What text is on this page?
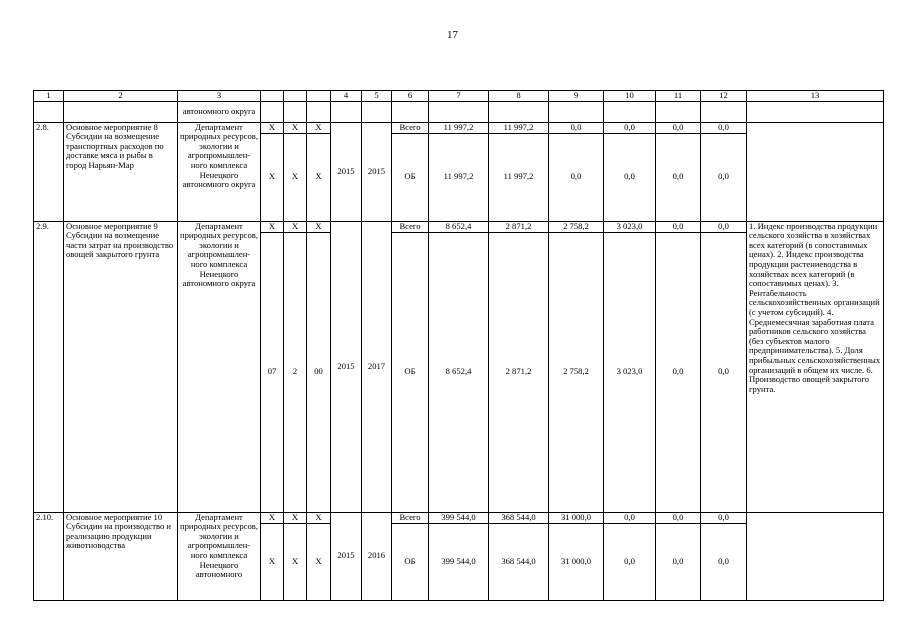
17
1	2	3				4	5	6	7	8	9	10	11	12	13
		автономного округа													
2.8.	Основное мероприятие 8 Субсидии на возмещение транспортных расходов по доставке мяса и рыбы в город Нарьян-Мар	Департамент природных ресурсов, экологии и агропромышлен-ного комплекса Ненецкого автономного округа	X	X	X	2015	2015	Всего	11 997,2	11 997,2	0,0	0,0	0,0	0,0	
			X	X	X			ОБ	11 997,2	11 997,2	0,0	0,0	0,0	0,0	
2.9.	Основное мероприятие 9 Субсидии на возмещение части затрат на производство овощей закрытого грунта	Департамент природных ресурсов, экологии и агропромышлен-ного комплекса Ненецкого автономного округа	X	X	X	2015	2017	Всего	8 652,4	2 871,2	2 758,2	3 023,0	0,0	0,0	1. Индекс производства продукции сельского хозяйства в хозяйствах всех категорий (в сопоставимых ценах). 2. Индекс производства продукции растениеводства в хозяйствах всех категорий (в сопоставимых ценах). 3. Рентабельность сельскохозяйственных организаций (с учетом субсидий). 4. Среднемесячная заработная плата работников сельского хозяйства (без субъектов малого предпринимательства). 5. Доля прибыльных сельскохозяйственных организаций в общем их числе. 6. Производство овощей закрытого грунта.
			07	2	00			ОБ	8 652,4	2 871,2	2 758,2	3 023,0	0,0	0,0	
2.10.	Основное мероприятие 10 Субсидии на производство и реализацию продукции животноводства	Департамент природных ресурсов, экологии и агропромышлен-ного комплекса Ненецкого автономного	X	X	X	2015	2016	Всего	399 544,0	368 544,0	31 000,0	0,0	0,0	0,0	
			X	X	X			ОБ	399 544,0	368 544,0	31 000,0	0,0	0,0	0,0	
